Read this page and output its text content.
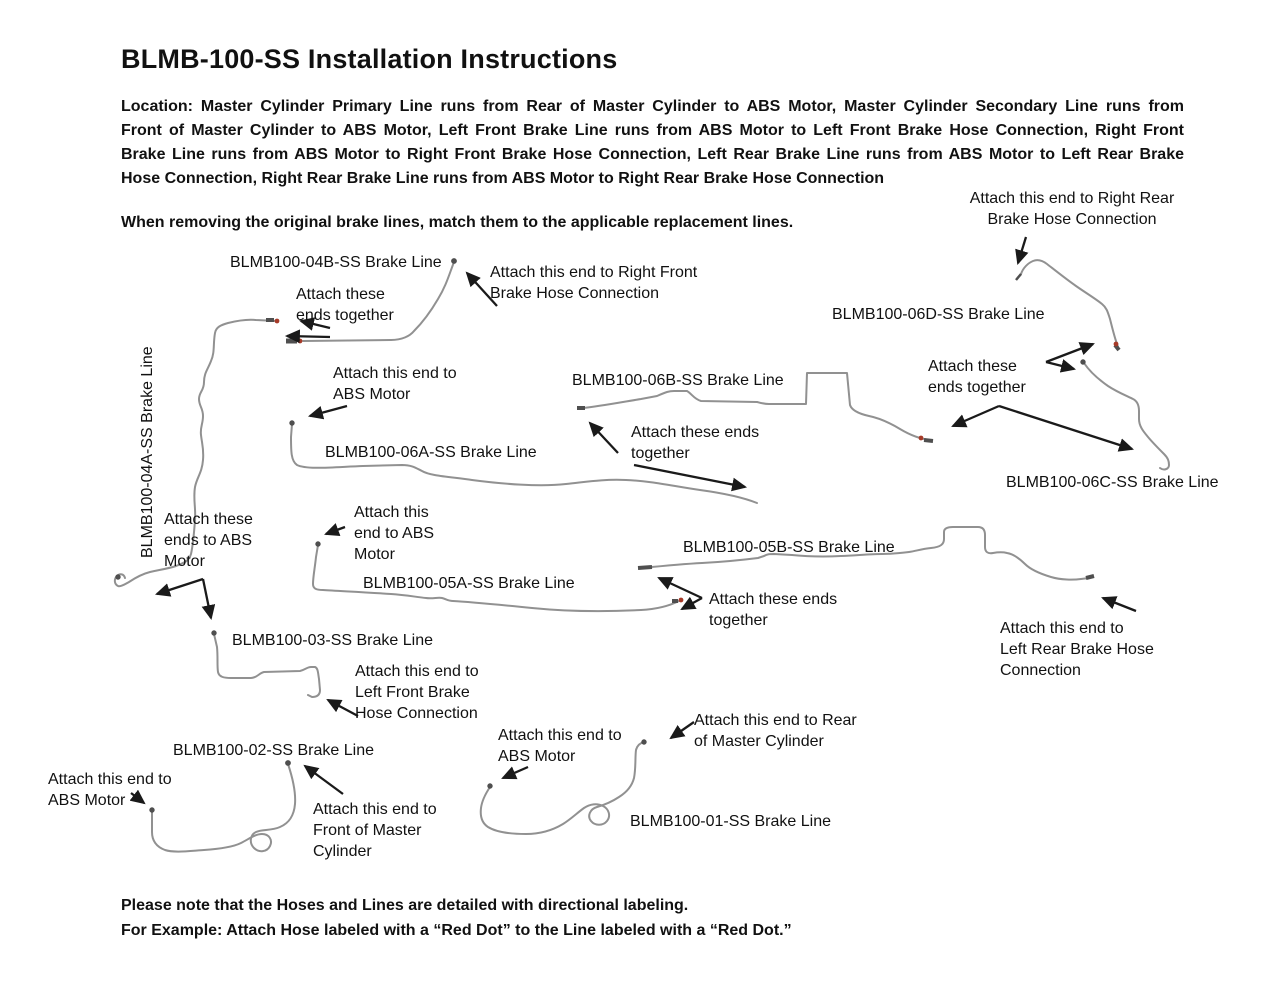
BLMB-100-SS Installation Instructions
Location: Master Cylinder Primary Line runs from Rear of Master Cylinder to ABS Motor, Master Cylinder Secondary Line runs from
Front of Master Cylinder to ABS Motor, Left Front Brake Line runs from ABS Motor to Left Front Brake Hose Connection, Right Front
Brake Line runs from ABS Motor to Right Front Brake Hose Connection, Left Rear Brake Line runs from ABS Motor to Left Rear Brake
Hose Connection, Right Rear Brake Line runs from ABS Motor to Right Rear Brake Hose Connection
When removing the original brake lines, match them to the applicable replacement lines.
BLMB100-04B-SS Brake Line
BLMB100-04A-SS Brake Line
BLMB100-06D-SS Brake Line
BLMB100-06B-SS Brake Line
BLMB100-06A-SS Brake Line
BLMB100-06C-SS Brake Line
BLMB100-05B-SS Brake Line
BLMB100-05A-SS Brake Line
BLMB100-03-SS Brake Line
BLMB100-02-SS Brake Line
BLMB100-01-SS Brake Line
Attach this end to Right Rear
Brake Hose Connection
Attach this end to Right Front
Brake Hose Connection
Attach these
ends together
Attach this end to
ABS Motor
Attach these
ends together
Attach these ends
together
Attach these
ends to ABS
Motor
Attach this
end to ABS
Motor
Attach these ends
together	Attach this end to
Left Rear Brake Hose
Connection
Attach this end to
Left Front Brake
Hose Connection
Attach this end to
ABS Motor
Attach this end to
Front of Master
Cylinder
Attach this end to
ABS Motor
Attach this end to Rear
of Master Cylinder
Please note that the Hoses and Lines are detailed with directional labeling.
For Example: Attach Hose labeled with a “Red Dot” to the Line labeled with a “Red Dot.”
